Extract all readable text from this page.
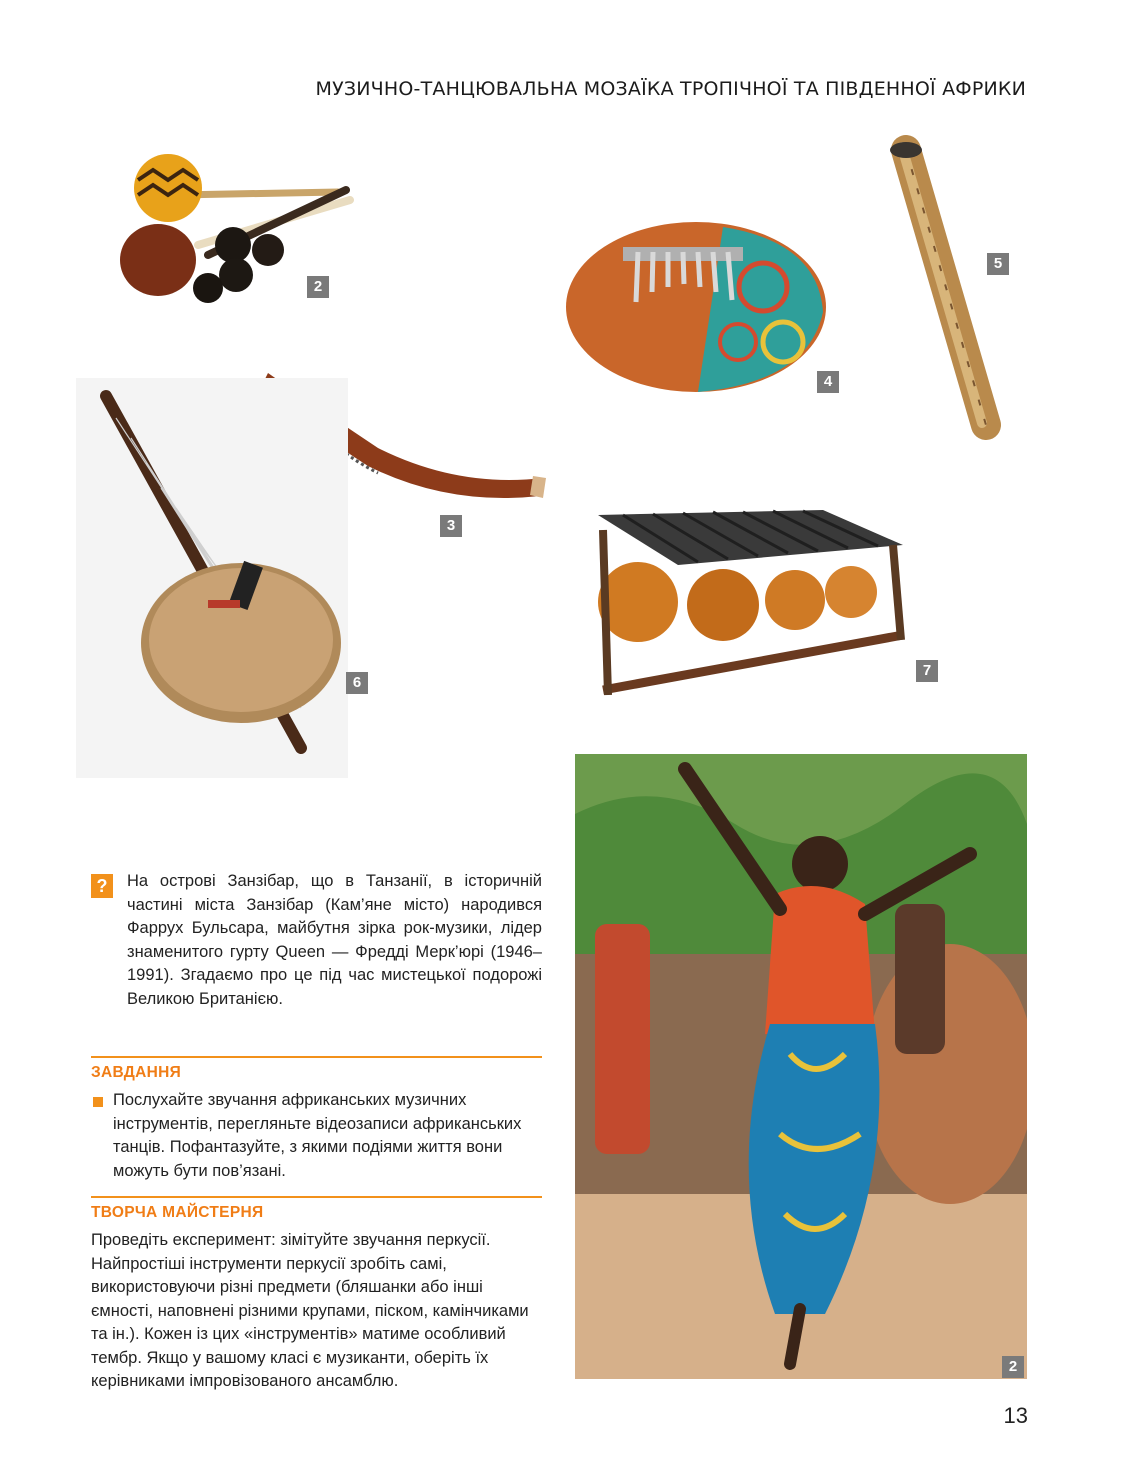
МУЗИЧНО-ТАНЦЮВАЛЬНА МОЗАЇКА ТРОПІЧНОЇ ТА ПІВДЕННОЇ АФРИКИ
2
4
5
3
6
7
2
?	На острові Занзібар, що в Танзанії, в історичній частині міста Занзібар (Кам’яне місто) народився Фаррух Бульсара, майбутня зірка рок-музики, лідер знаменитого гурту Queen — Фредді Мерк’юрі (1946–1991). Згадаємо про це під час мистецької подорожі Великою Британією.
ЗАВДАННЯ
Послухайте звучання африканських музичних інструментів, перегляньте відеозаписи африканських танців. Пофантазуйте, з якими подіями життя вони можуть бути пов’язані.
ТВОРЧА МАЙСТЕРНЯ
Проведіть експеримент: зімітуйте звучання перкусії. Найпростіші інструменти перкусії зробіть самі, використовуючи різні предмети (бляшанки або інші ємності, наповнені різними крупами, піском, камінчиками та ін.). Кожен із цих «інструментів» матиме особливий тембр. Якщо у вашому класі є музиканти, оберіть їх керівниками імпровізованого ансамблю.
13
